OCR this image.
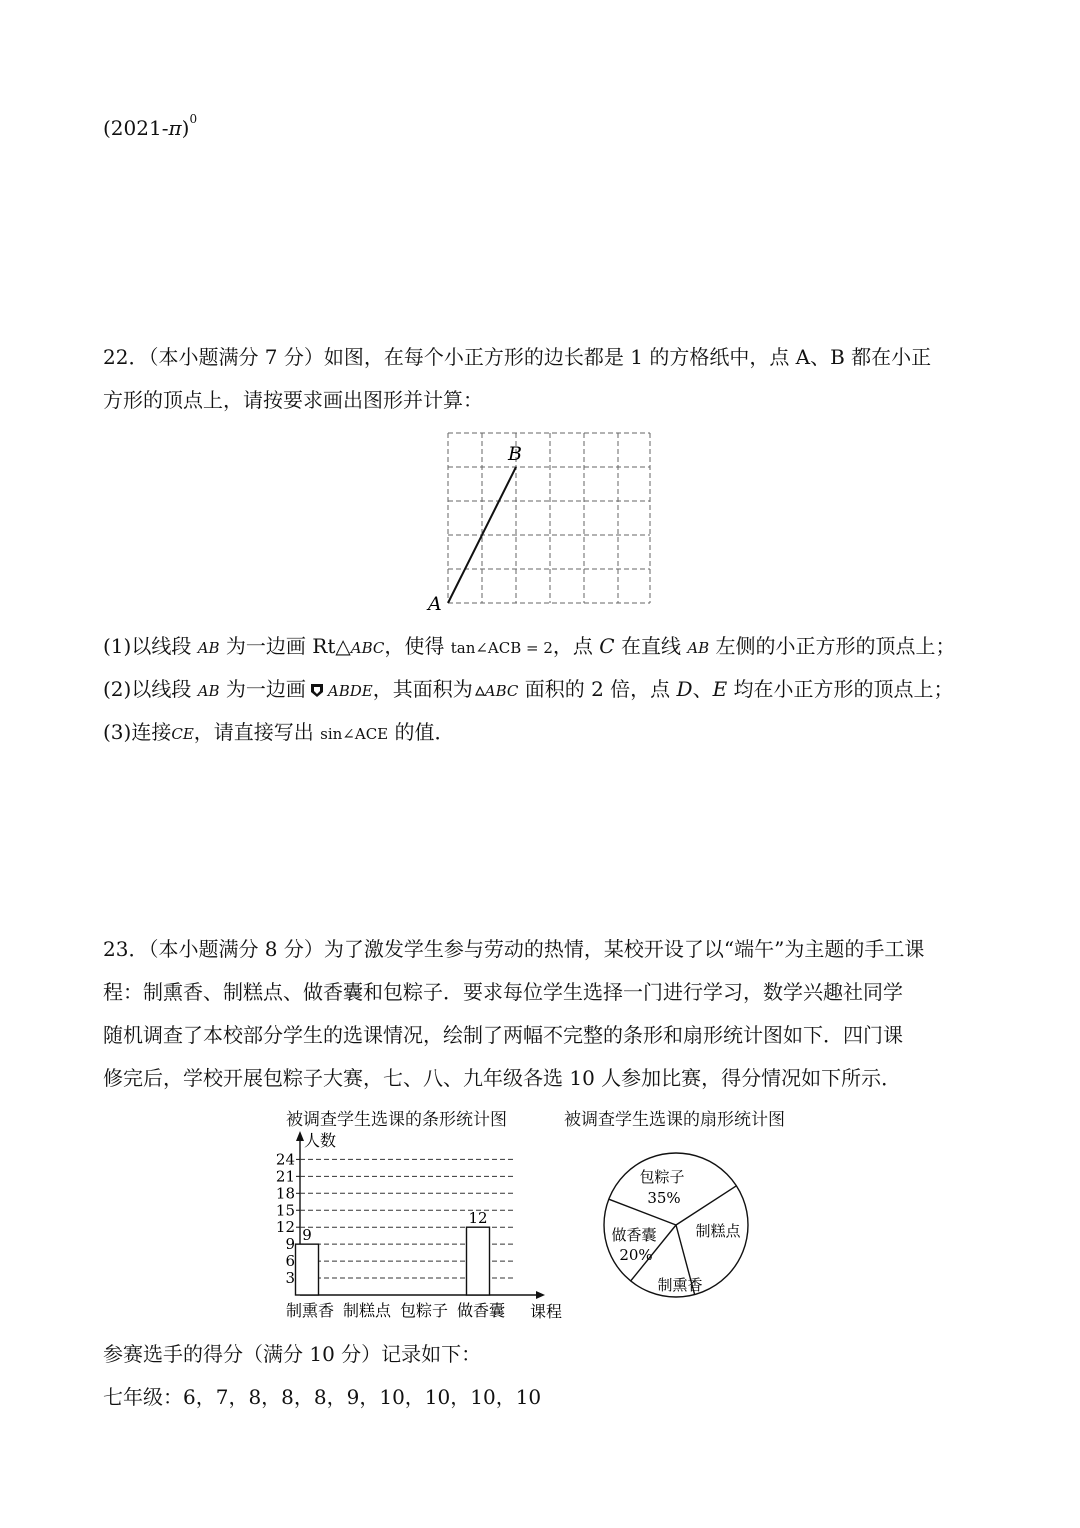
$(2021-\pi)^0$
22．（本小题满分 7 分）如图，在每个小正方形的边长都是 1 的方格纸中，点 A、B 都在小正
方形的顶点上，请按要求画出图形并计算：
B
A
(1)以线段 AB 为一边画 Rt△ABC，使得 tan∠ACB = 2，点 C 在直线 AB 左侧的小正方形的顶点上；
(2)以线段 AB 为一边画 ABDE，其面积为 ABC 面积的 2 倍，点 D、E 均在小正方形的顶点上；
(3)连接CE，请直接写出 sin∠ACE 的值．
23．（本小题满分 8 分）为了激发学生参与劳动的热情，某校开设了以“端午”为主题的手工课
程：制熏香、制糕点、做香囊和包粽子．要求每位学生选择一门进行学习，数学兴趣社同学
随机调查了本校部分学生的选课情况，绘制了两幅不完整的条形和扇形统计图如下．四门课
修完后，学校开展包粽子大赛，七、八、九年级各选 10 人参加比赛，得分情况如下所示．
被调查学生选课的条形统计图
人数
课程
3
6
9
12
15
18
21
24
9
12
制熏香 制糕点 包粽子 做香囊
被调查学生选课的扇形统计图
包粽子
35%
制糕点
制熏香
做香囊
20%
参赛选手的得分（满分 10 分）记录如下：
七年级：6，7，8，8，8，9，10，10，10，10
